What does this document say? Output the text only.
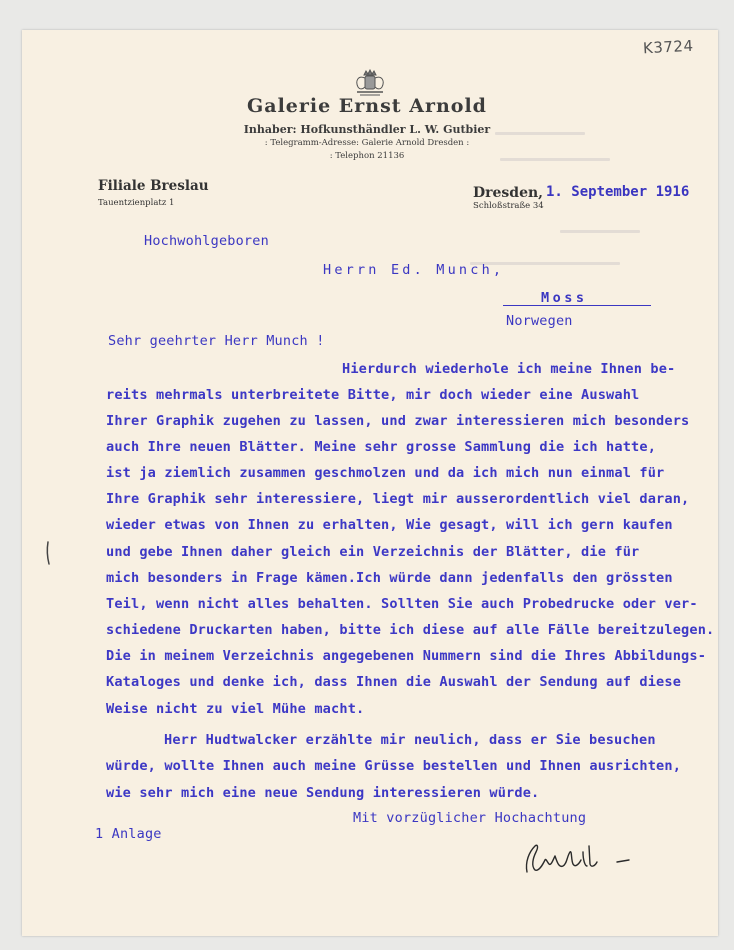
K3724
Galerie Ernst Arnold
Inhaber: Hofkunsthändler L. W. Gutbier
: Telegramm-Adresse: Galerie Arnold Dresden :
: Telephon 21136
Filiale Breslau
Tauentzienplatz 1
Dresden, 1. September 1916
Schloßstraße 34
Hochwohlgeboren
Herrn Ed. Munch,
Moss
Norwegen
Sehr geehrter Herr Munch !
Hierdurch wiederhole ich meine Ihnen be-
reits mehrmals unterbreitete Bitte, mir doch wieder eine Auswahl
Ihrer Graphik zugehen zu lassen, und zwar interessieren mich besonders
auch Ihre neuen Blätter. Meine sehr grosse Sammlung die ich hatte,
ist ja ziemlich zusammen geschmolzen und da ich mich nun einmal für
Ihre Graphik sehr interessiere, liegt mir ausserordentlich viel daran,
wieder etwas von Ihnen zu erhalten, Wie gesagt, will ich gern kaufen
und gebe Ihnen daher gleich ein Verzeichnis der Blätter, die für
mich besonders in Frage kämen.Ich würde dann jedenfalls den grössten
Teil, wenn nicht alles behalten. Sollten Sie auch Probedrucke oder ver-
schiedene Druckarten haben, bitte ich diese auf alle Fälle bereitzulegen.
Die in meinem Verzeichnis angegebenen Nummern sind die Ihres Abbildungs-
Kataloges und denke ich, dass Ihnen die Auswahl der Sendung auf diese
Weise nicht zu viel Mühe macht.
Herr Hudtwalcker erzählte mir neulich, dass er Sie besuchen
würde, wollte Ihnen auch meine Grüsse bestellen und Ihnen ausrichten,
wie sehr mich eine neue Sendung interessieren würde.
Mit vorzüglicher Hochachtung
1 Anlage
